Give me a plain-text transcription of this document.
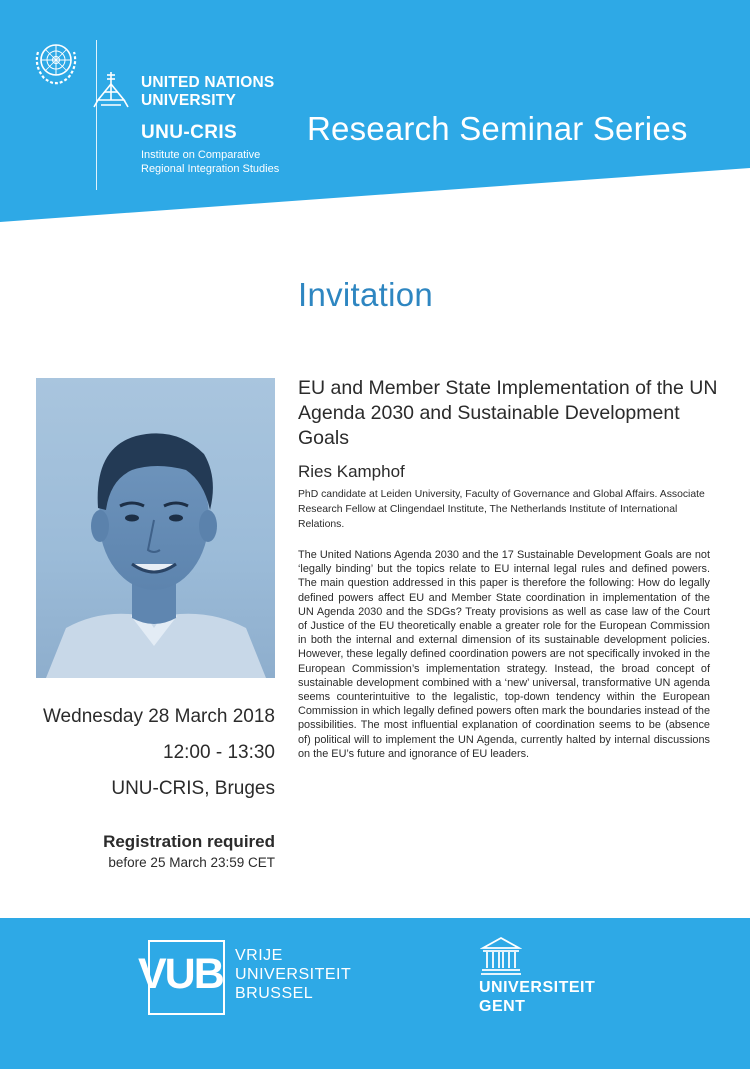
UNITED NATIONS
UNIVERSITY
UNU-CRIS
Institute on Comparative
Regional Integration Studies
Research Seminar Series
Invitation
EU and Member State Implementation of the UN Agenda 2030 and Sustainable Development Goals
Ries Kamphof
PhD candidate at Leiden University, Faculty of Governance and Global Affairs. Associate Research Fellow at Clingendael Institute, The Netherlands Institute of International Relations.
The United Nations Agenda 2030 and the 17 Sustainable Development Goals are not ‘legally binding’ but the topics relate to EU internal legal rules and defined powers. The main question addressed in this paper is therefore the following: How do legally defined powers affect EU and Member State coordination in implementation of the UN Agenda 2030 and the SDGs? Treaty provisions as well as case law of the Court of Justice of the EU theoretically enable a greater role for the European Commission in both the internal and external dimension of its sustainable development policies. However, these legally defined coordination powers are not specifically invoked in the European Commission’s implementation strategy. Instead, the broad concept of sustainable development combined with a ‘new’ universal, transformative UN agenda seems counterintuitive to the legalistic, top-down tendency within the European Commission in which legally defined powers often mark the boundaries instead of the possibilities. The most influential explanation of coordination seems to be (absence of) political will to implement the UN Agenda, currently halted by internal discussions on the EU’s future and ignorance of EU leaders.
Wednesday 28 March 2018
12:00 - 13:30
UNU-CRIS, Bruges
Registration required
before 25 March 23:59 CET
VUB VRIJE
UNIVERSITEIT
BRUSSEL	UNIVERSITEIT
GENT
